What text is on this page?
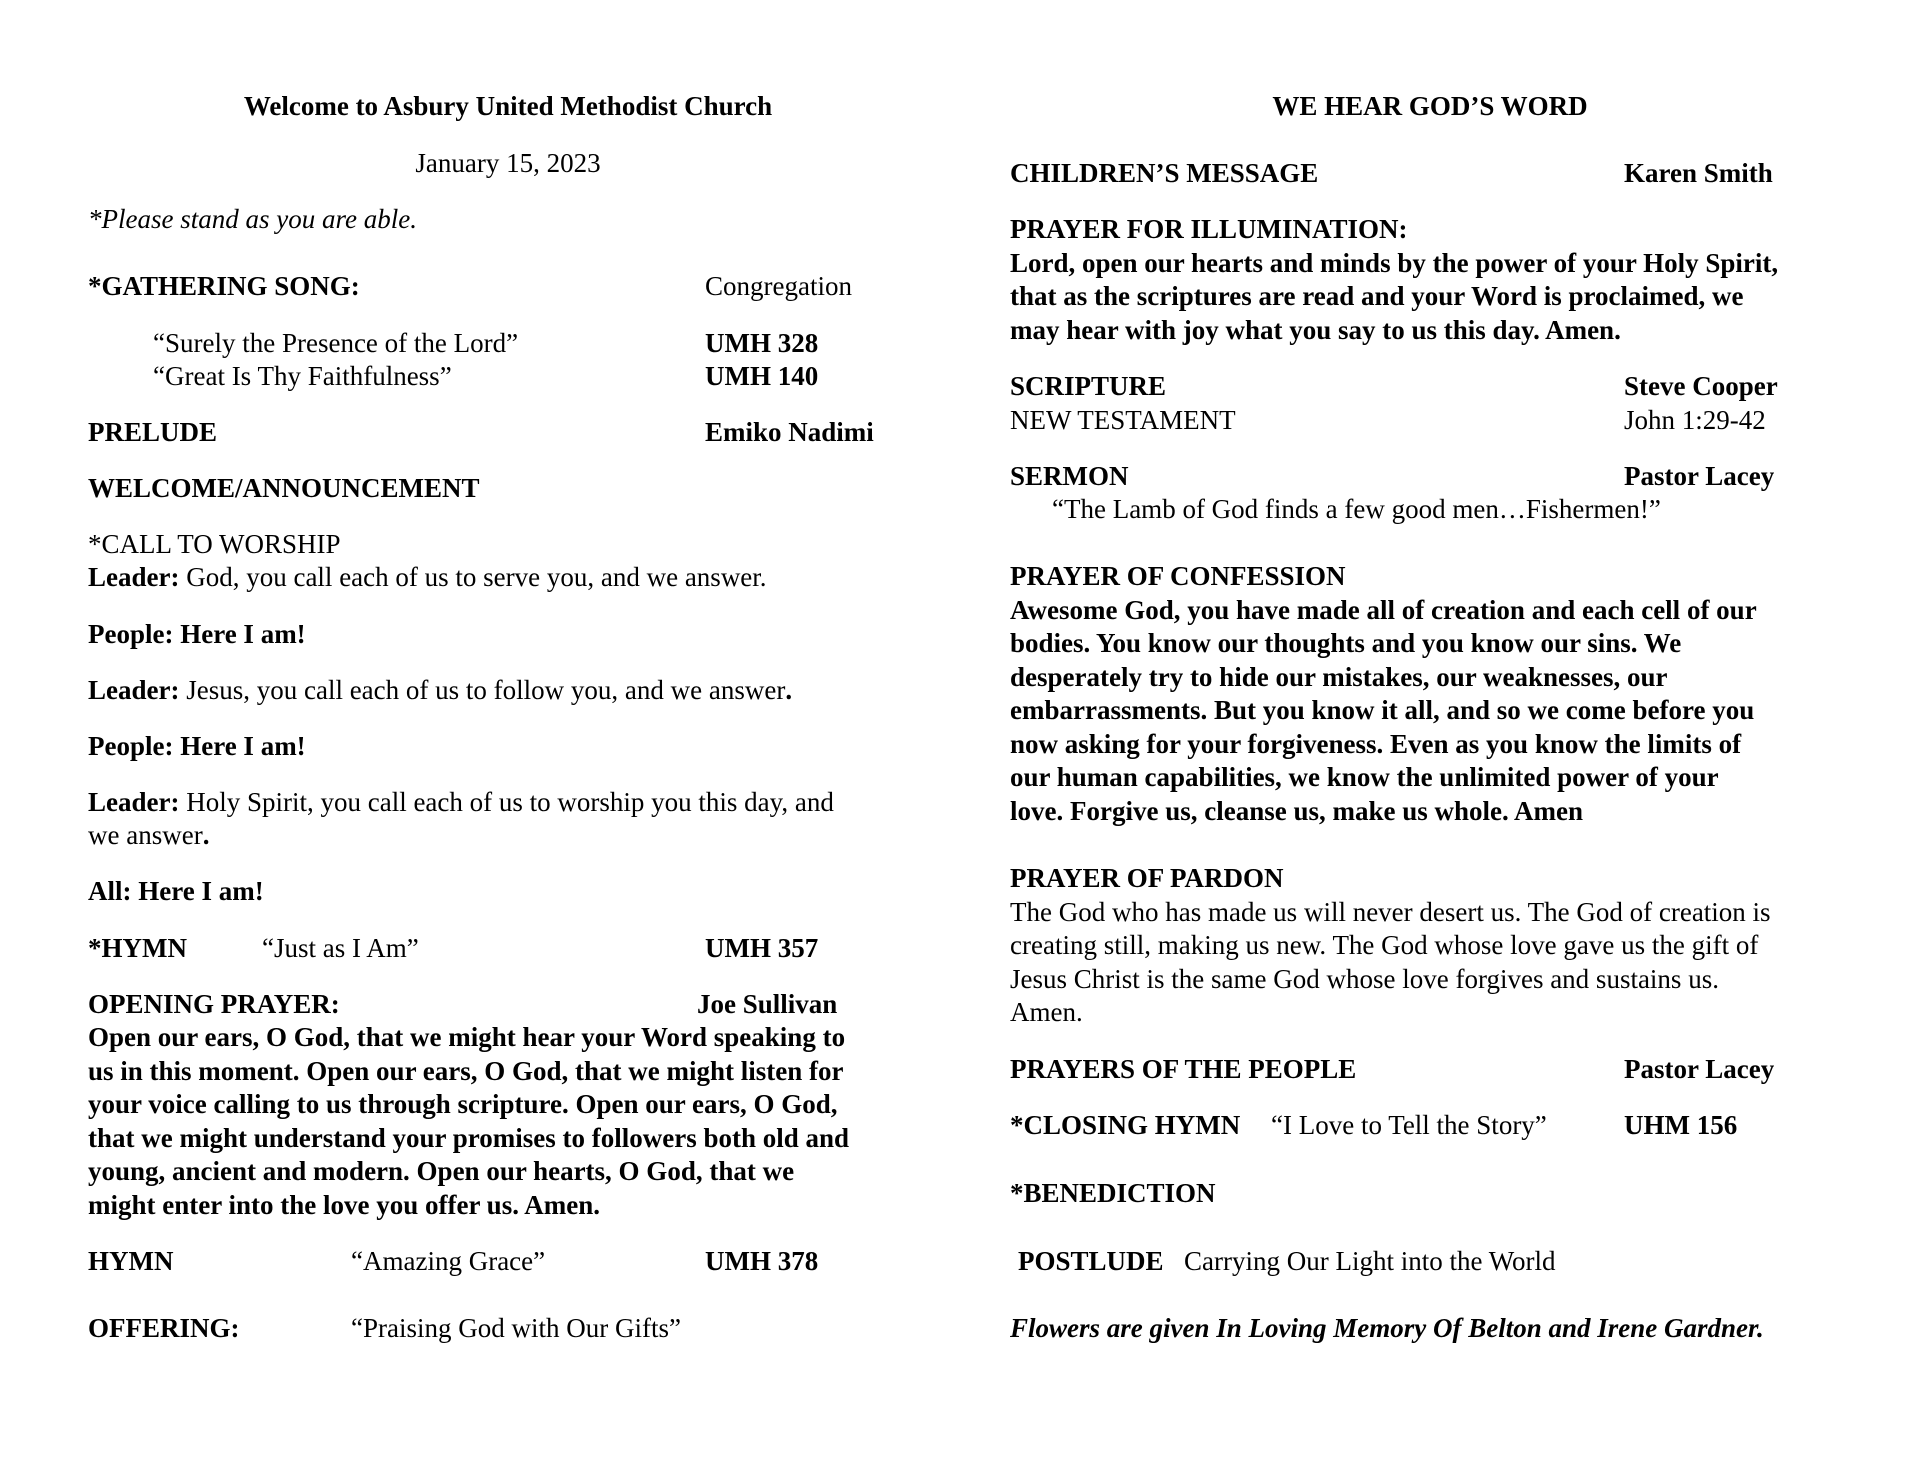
Welcome to Asbury United Methodist Church
January 15, 2023
*Please stand as you are able.
*GATHERING SONG:	Congregation
“Surely the Presence of the Lord”	UMH 328
“Great Is Thy Faithfulness”	UMH 140
PRELUDE	Emiko Nadimi
WELCOME/ANNOUNCEMENT
*CALL TO WORSHIP
Leader: God, you call each of us to serve you, and we answer.
People: Here I am!
Leader: Jesus, you call each of us to follow you, and we answer.
People: Here I am!
Leader: Holy Spirit, you call each of us to worship you this day, and
we answer.
All: Here I am!
*HYMN	“Just as I Am”	UMH 357
OPENING PRAYER:	Joe Sullivan
Open our ears, O God, that we might hear your Word speaking to
us in this moment. Open our ears, O God, that we might listen for
your voice calling to us through scripture. Open our ears, O God,
that we might understand your promises to followers both old and
young, ancient and modern. Open our hearts, O God, that we
might enter into the love you offer us. Amen.
HYMN	“Amazing Grace”	UMH 378
OFFERING:	“Praising God with Our Gifts”
WE HEAR GOD’S WORD
CHILDREN’S MESSAGE	Karen Smith
PRAYER FOR ILLUMINATION:
Lord, open our hearts and minds by the power of your Holy Spirit,
that as the scriptures are read and your Word is proclaimed, we
may hear with joy what you say to us this day. Amen.
SCRIPTURE	Steve Cooper
NEW TESTAMENT	John 1:29-42
SERMON	Pastor Lacey
“The Lamb of God finds a few good men…Fishermen!”
PRAYER OF CONFESSION
Awesome God, you have made all of creation and each cell of our
bodies. You know our thoughts and you know our sins. We
desperately try to hide our mistakes, our weaknesses, our
embarrassments. But you know it all, and so we come before you
now asking for your forgiveness. Even as you know the limits of
our human capabilities, we know the unlimited power of your
love. Forgive us, cleanse us, make us whole. Amen
PRAYER OF PARDON
The God who has made us will never desert us. The God of creation is
creating still, making us new. The God whose love gave us the gift of
Jesus Christ is the same God whose love forgives and sustains us.
Amen.
PRAYERS OF THE PEOPLE	Pastor Lacey
*CLOSING HYMN “I Love to Tell the Story”	UHM 156
*BENEDICTION
POSTLUDE Carrying Our Light into the World
Flowers are given In Loving Memory Of Belton and Irene Gardner.
